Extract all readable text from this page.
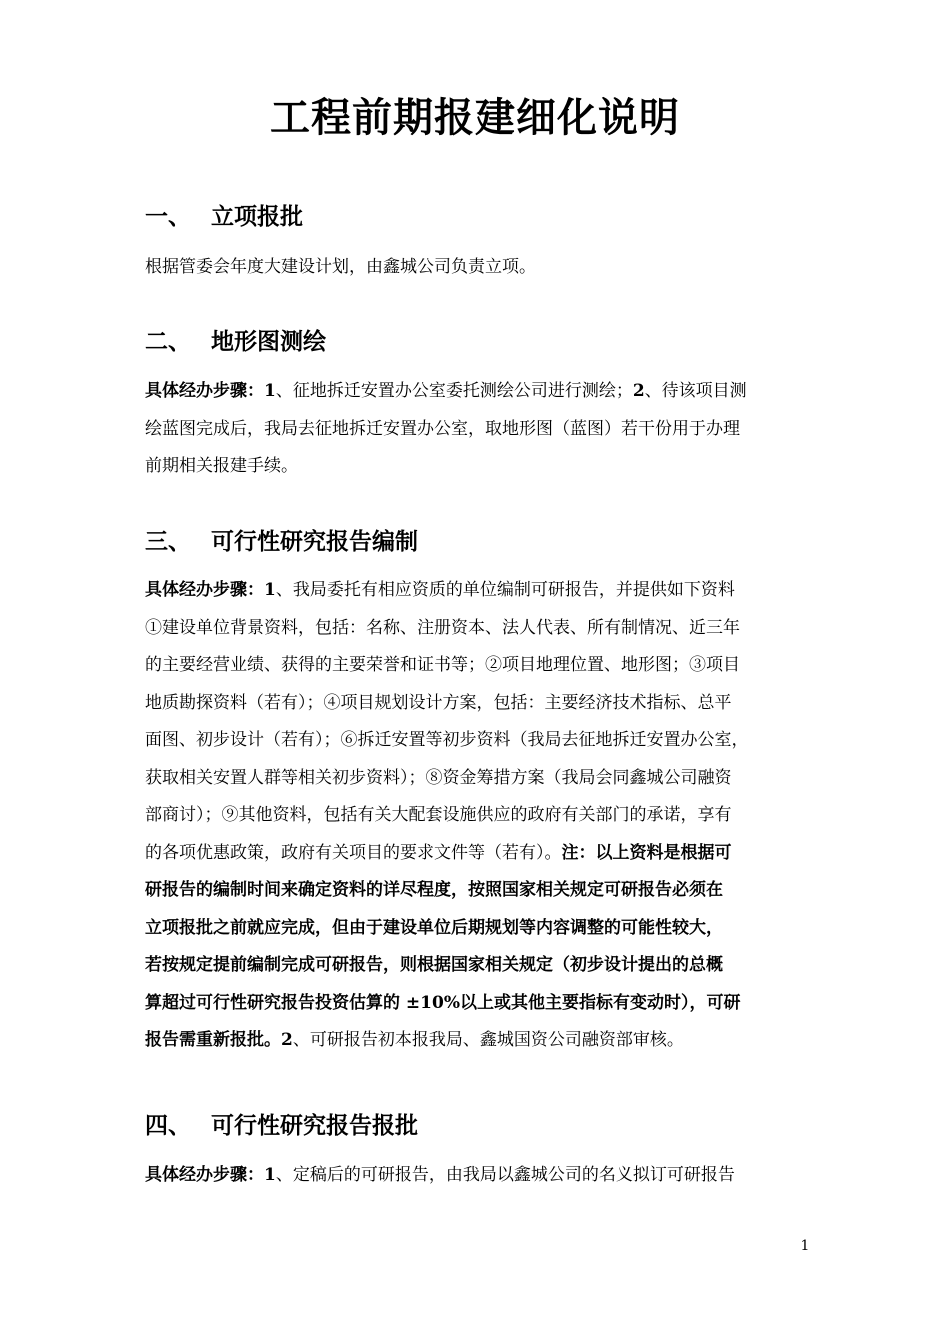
工程前期报建细化说明
一、 立项报批
根据管委会年度大建设计划，由鑫城公司负责立项。
二、 地形图测绘
具体经办步骤：1、征地拆迁安置办公室委托测绘公司进行测绘；2、待该项目测
绘蓝图完成后，我局去征地拆迁安置办公室，取地形图（蓝图）若干份用于办理
前期相关报建手续。
三、 可行性研究报告编制
具体经办步骤：1、我局委托有相应资质的单位编制可研报告，并提供如下资料
①建设单位背景资料，包括：名称、注册资本、法人代表、所有制情况、近三年
的主要经营业绩、获得的主要荣誉和证书等；②项目地理位置、地形图；③项目
地质勘探资料（若有）；④项目规划设计方案，包括：主要经济技术指标、总平
面图、初步设计（若有）；⑥拆迁安置等初步资料（我局去征地拆迁安置办公室，
获取相关安置人群等相关初步资料）；⑧资金筹措方案（我局会同鑫城公司融资
部商讨）；⑨其他资料，包括有关大配套设施供应的政府有关部门的承诺，享有
的各项优惠政策，政府有关项目的要求文件等（若有）。注：以上资料是根据可
研报告的编制时间来确定资料的详尽程度，按照国家相关规定可研报告必须在
立项报批之前就应完成，但由于建设单位后期规划等内容调整的可能性较大，
若按规定提前编制完成可研报告，则根据国家相关规定（初步设计提出的总概
算超过可行性研究报告投资估算的 ±10%以上或其他主要指标有变动时），可研
报告需重新报批。2、可研报告初本报我局、鑫城国资公司融资部审核。
四、 可行性研究报告报批
具体经办步骤：1、定稿后的可研报告，由我局以鑫城公司的名义拟订可研报告
1
